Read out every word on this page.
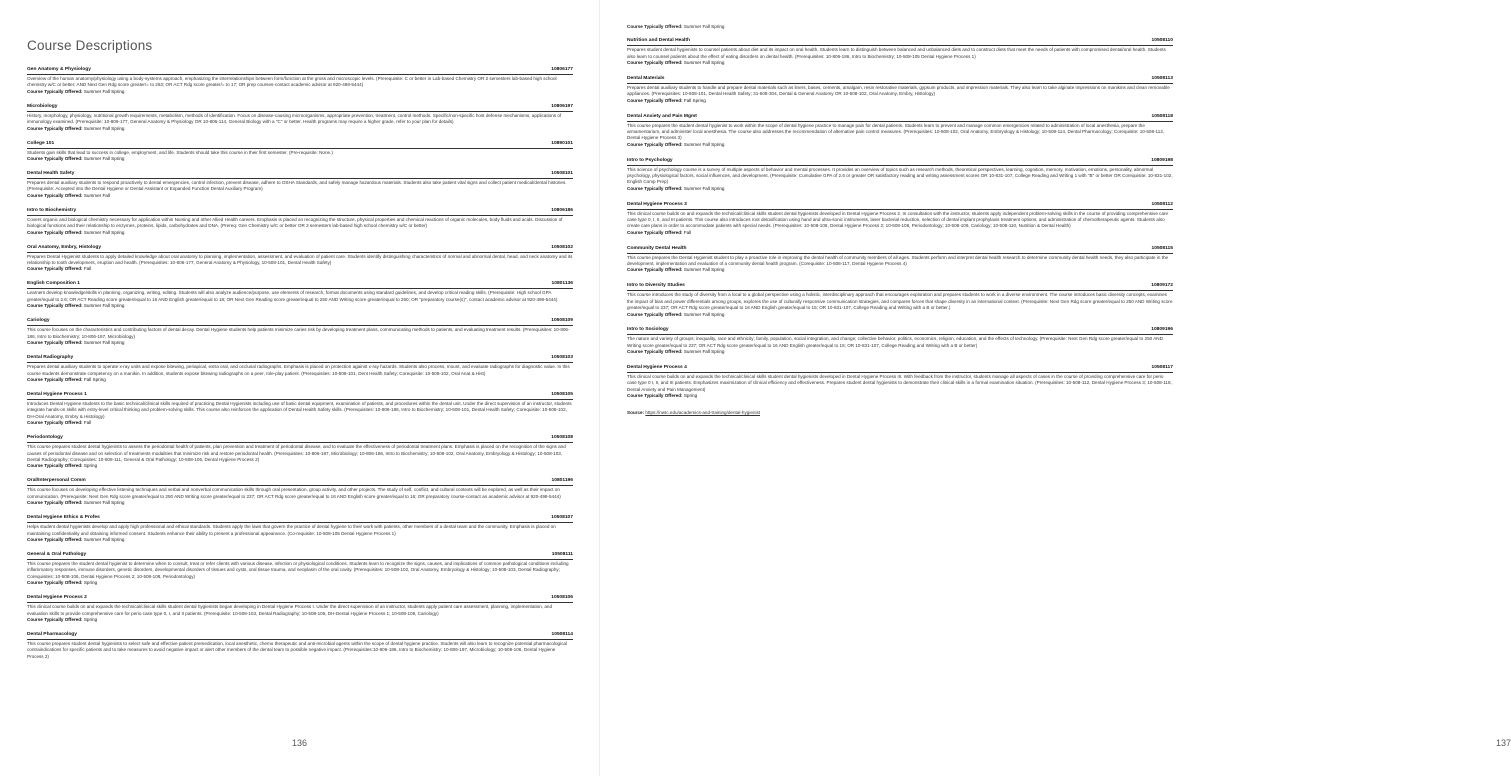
Course Descriptions
Gen Anatomy & Physiology	10806177
Overview of the human anatomy/physiology using a body-systems approach, emphasizing the interrelationships between form/function at the gross and microscopic levels. (Prerequisite: C or better in Lab-based Chemistry OR 2 semesters lab-based high school chemistry w/C or better; AND Next Gen Rdg score greater/= to 263; OR ACT Rdg score greater/= to 17; OR prep courses-contact academic advisor at 920-498-5444)
Course Typically Offered: Summer Fall Spring
Microbiology	10806197
History, morphology, physiology, nutritional growth requirements, metabolism, methods of identification. Focus on disease-causing microorganisms, appropriate prevention, treatment, control methods. Specific/non-specific host defense mechanisms, applications of immunology examined. (Prerequisite: 10-806-177, General Anatomy & Physiology OR 10-806-114, General Biology with a "C" or better. Health programs may require a higher grade, refer to your plan for details)
Course Typically Offered: Summer Fall Spring
College 101	10890101
Students gain skills that lead to success in college, employment, and life. Students should take this course in their first semester. (Pre-requisite: None.)
Course Typically Offered: Summer Fall Spring
Dental Health Safety	10508101
Prepares dental auxiliary students to respond proactively to dental emergencies, control infection, prevent disease, adhere to OSHA Standards, and safely manage hazardous materials. Students also take patient vital signs and collect patient medical/dental histories. (Prerequisite: Accepted into the Dental Hygiene or Dental Assistant or Expanded Function Dental Auxiliary Program)
Course Typically Offered: Summer Fall
Intro to Biochemistry	10806186
Covers organic and biological chemistry necessary for application within Nursing and other Allied Health careers. Emphasis is placed on recognizing the structure, physical properties and chemical reactions of organic molecules, body fluids and acids. Discussion of biological functions and their relationship to enzymes, proteins, lipids, carbohydrates and DNA. (Prereq: Gen Chemistry w/C or better OR 2 semesters lab-based high school chemistry w/C or better)
Course Typically Offered: Summer Fall Spring
Oral Anatomy, Embry, Histology	10508102
Prepares Dental Hygienist students to apply detailed knowledge about oral anatomy to planning, implementation, assessment, and evaluation of patient care. Students identify distinguishing characteristics of normal and abnormal dental, head, and neck anatomy and its relationship to tooth development, eruption and health. (Prerequisites: 10-806-177, General Anatomy & Physiology, 10-508-101, Dental Health Safety)
Course Typically Offered: Fall
English Composition 1	10801136
Learners develop knowledge/skills in planning, organizing, writing, editing. Students will also analyze audience/purpose, use elements of research, format documents using standard guidelines, and develop critical reading skills. (Prerequisite: High school GPA greater/equal to 2.6; OR ACT Reading score greater/equal to 16 AND English greater/equal to 18; OR Next Gen Reading score greater/equal to 250 AND Writing score greater/equal to 260; OR "preparatory course(s)", contact academic advisor at 920-498-5444)
Course Typically Offered: Summer Fall Spring
Cariology	10508109
This course focuses on the characteristics and contributing factors of dental decay. Dental Hygiene students help patients minimize caries risk by developing treatment plans, communicating methods to patients, and evaluating treatment results. (Prerequisites: 10-806-186, Intro to Biochemistry; 10-806-197, Microbiology)
Course Typically Offered: Summer Fall Spring
Dental Radiography	10508103
Prepares dental auxiliary students to operate x-ray units and expose bitewing, periapical, extra oral, and occlusal radiographs. Emphasis is placed on protection against x-ray hazards. Students also process, mount, and evaluate radiographs for diagnostic value. In this course students demonstrate competency on a manikin. In addition, students expose bitewing radiographs on a peer, role-play patient. (Prerequisites: 10-508-101, Dent Health Safety; Corequisite: 10-508-102, Oral Anat & Hist)
Course Typically Offered: Fall Spring
Dental Hygiene Process 1	10508105
Introduces Dental Hygiene students to the basic technical/clinical skills required of practicing Dental Hygienists including use of basic dental equipment, examination of patients, and procedures within the dental unit. Under the direct supervision of an instructor, students integrate hands-on skills with entry-level critical thinking and problem-solving skills. This course also reinforces the application of Dental Health Safety skills. (Prerequisites: 10-806-186, Intro to Biochemistry; 10-508-101, Dental Health Safety; Corequisite: 10-508-102, DH-Oral Anatomy, Embry & Histology)
Course Typically Offered: Fall
Periodontology	10508108
This course prepares student dental hygienists to assess the periodontal health of patients, plan prevention and treatment of periodontal disease, and to evaluate the effectiveness of periodontal treatment plans. Emphasis is placed on the recognition of the signs and causes of periodontal disease and on selection of treatments modalities that minimize risk and restore periodontal health. (Prerequisites: 10-806-197, Microbiology; 10-806-186, Intro to Biochemistry; 10-508-102, Oral Anatomy, Embryology & Histology; 10-508-103, Dental Radiography; Corequisites: 10-508-111, General & Oral Pathology; 10-508-106, Dental Hygiene Process 2)
Course Typically Offered: Spring
Oral/Interpersonal Comm	10801196
This course focuses on developing effective listening techniques and verbal and nonverbal communication skills through oral presentation, group activity, and other projects. The study of self, conflict, and cultural contexts will be explored, as well as their impact on communication. (Prerequisite: Next Gen Rdg score greater/equal to 250 AND Writing score greater/equal to 237; OR ACT Rdg score greater/equal to 16 AND English score greater/equal to 16; OR preparatory course-contact an academic advisor at 920-498-5444)
Course Typically Offered: Summer Fall Spring
Dental Hygiene Ethics & Profes	10508107
Helps student dental hygienists develop and apply high professional and ethical standards. Students apply the laws that govern the practice of dental hygiene to their work with patients, other members of a dental team and the community. Emphasis is placed on maintaining confidentiality and obtaining informed consent. Students enhance their ability to present a professional appearance. (Co-requisite: 10-508-105 Dental Hygiene Process 1)
Course Typically Offered: Summer Fall Spring
General & Oral Pathology	10508111
This course prepares the student dental hygienist to determine when to consult, treat or refer clients with various disease, infection or physiological conditions. Students learn to recognize the signs, causes, and implications of common pathological conditions including inflammatory responses, immune disorders, genetic disorders, developmental disorders of tissues and cysts, oral tissue trauma, and neoplasm of the oral cavity. (Prerequisites: 10-508-102, Oral Anatomy, Embryology & Histology; 10-508-103, Dental Radiography; Corequisites: 10-508-106, Dental Hygiene Process 2; 10-508-108, Periodontology)
Course Typically Offered: Spring
Dental Hygiene Process 2	10508106
This clinical course builds on and expands the technical/clinical skills student dental hygienists began developing in Dental Hygiene Process I. Under the direct supervision of an instructor, students apply patient care assessment, planning, implementation, and evaluation skills to provide comprehensive care for perio case type 0, I, and II patients. (Prerequisite: 10-508-103, Dental Radiography; 10-508-105, DH-Dental Hygiene Process 1; 10-508-109, Cariology)
Course Typically Offered: Spring
Dental Pharmacology	10508114
This course prepares student dental hygienists to select safe and effective patient premedication, local anesthetic, chemo therapeutic and anti-microbial agents within the scope of dental hygiene practice. Students will also learn to recognize potential pharmacological contraindications for specific patients and to take measures to avoid negative impact or alert other members of the dental team to possible negative impact. (Prerequisites:10-806-186, Intro to Biochemistry; 10-806-197, Microbiology; 10-508-106, Dental Hygiene Process 2)
136
Course Typically Offered: Summer Fall Spring
Nutrition and Dental Health	10508110
Prepares student dental hygienists to counsel patients about diet and its impact on oral health. Students learn to distinguish between balanced and unbalanced diets and to construct diets that meet the needs of patients with compromised dental/oral health. Students also learn to counsel patients about the effect of eating disorders on dental health. (Prerequisites: 10-806-186, Intro to Biochemistry; 10-508-105 Dental Hygiene Process 1)
Course Typically Offered: Summer Fall Spring
Dental Materials	10508113
Prepares dental auxiliary students to handle and prepare dental materials such as liners, bases, cements, amalgam, resin restorative materials, gypsum products, and impression materials. They also learn to take alginate impressions on manikins and clean removable appliances. (Prerequisites: 10-508-101, Dental Health Safety; 31-508-304, Dental & General Anatomy OR 10-508-102, Oral Anatomy, Embry, Histology)
Course Typically Offered: Fall Spring
Dental Anxiety and Pain Mgmt	10508118
This course prepares the student dental hygienist to work within the scope of dental hygiene practice to manage pain for dental patients. Students learn to prevent and manage common emergencies related to administration of local anesthesia, prepare the armamentarium, and administer local anesthesia. The course also addresses the recommendation of alternative pain control measures. (Prerequisites: 10-508-102, Oral Anatomy, Embryology & Histology; 10-508-114, Dental Pharmacology; Corequisite: 10-508-112, Dental Hygiene Process 3)
Course Typically Offered: Summer Fall Spring
Intro to Psychology	10809198
This science of psychology course is a survey of multiple aspects of behavior and mental processes. It provides an overview of topics such as research methods, theoretical perspectives, learning, cognition, memory, motivation, emotions, personality, abnormal psychology, physiological factors, social influences, and development. (Prerequisite: Cumulative GPA of 2.6 or greater OR satisfactory reading and writing assessment scores OR 10-831-107, College Reading and Writing 1 with "B" or better OR Corequisite: 10-831-102, English Comp Prep)
Course Typically Offered: Summer Fall Spring
Dental Hygiene Process 3	10508112
This clinical course builds on and expands the technical/clinical skills student dental hygienists developed in Dental Hygiene Process 2. In consultation with the instructor, students apply independent problem-solving skills in the course of providing comprehensive care case type 0, I, II, and III patients. This course also introduces root detoxification using hand and ultra-sonic instruments, laser bacterial reduction, selection of dental implant prophylaxis treatment options, and administration of chemotherapeutic agents. Students also create care plans in order to accommodate patients with special needs. (Prerequisites: 10-508-106, Dental Hygiene Process 2; 10-508-108, Periodontology; 10-508-109, Cariology; 10-508-110, Nutrition & Dental Health)
Course Typically Offered: Fall
Community Dental Health	10508115
This course prepares the Dental Hygienist student to play a proactive role in improving the dental health of community members of all ages. Students perform and interpret dental health research to determine community dental health needs, they also participate in the development, implementation and evaluation of a community dental health program. (Corequisite: 10-508-117, Dental Hygiene Process 4)
Course Typically Offered: Summer Fall Spring
Intro to Diversity Studies	10809172
This course introduces the study of diversity from a local to a global perspective using a holistic, interdisciplinary approach that encourages exploration and prepares students to work in a diverse environment. The course introduces basic diversity concepts, examines the impact of bias and power differentials among groups, explores the use of culturally responsive communication strategies, and compares forces that shape diversity in an international context. (Prerequisite: Next Gen Rdg score greater/equal to 250 AND Writing score greater/equal to 237; OR ACT Rdg score greater/equal to 16 AND English greater/equal to 15; OR 10-831-107, College Reading and Writing with a B or better.)
Course Typically Offered: Summer Fall Spring
Intro to Sociology	10809196
The nature and variety of groups; inequality, race and ethnicity; family, population, social integration, and change; collective behavior, politics, economics, religion, education, and the effects of technology. (Prerequisite: Next Gen Rdg score greater/equal to 250 AND Writing score greater/equal to 237; OR ACT Rdg score greater/equal to 16 AND English greater/equal to 15; OR 10-831-107, College Reading and Writing with a B or better)
Course Typically Offered: Summer Fall Spring
Dental Hygiene Process 4	10508117
This clinical course builds on and expands the technical/clinical skills student dental hygienists developed in Dental Hygiene Process III. With feedback from the instructor, students manage all aspects of cases in the course of providing comprehensive care for perio case type 0 I, II, and III patients. Emphasizes maximization of clinical efficiency and effectiveness. Prepares student dental hygienists to demonstrate their clinical skills in a formal examination situation. (Prerequisites: 10-508-112, Dental Hygiene Process 3; 10-508-118, Dental Anxiety and Pain Management)
Course Typically Offered: Spring
Source: https://nwtc.edu/academics-and-training/dental-hygienist
137
